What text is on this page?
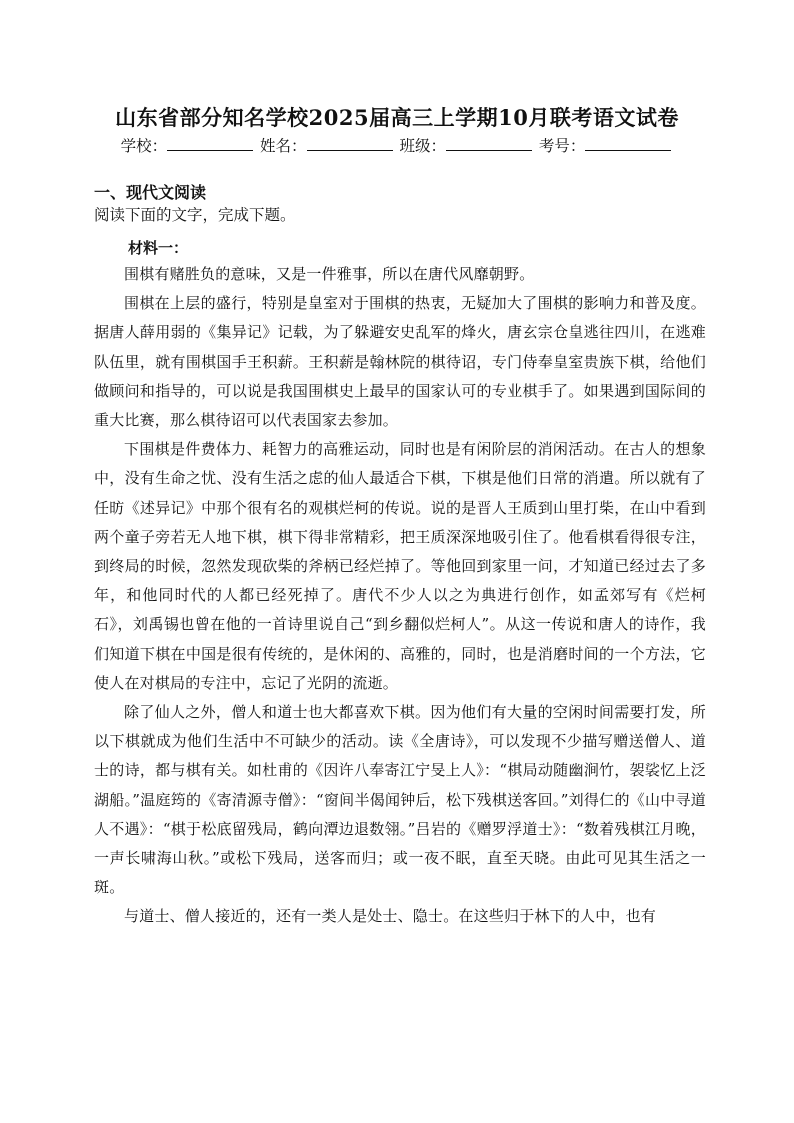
山东省部分知名学校2025届高三上学期10月联考语文试卷
学校：	姓名：	班级：	考号：
一、现代文阅读
阅读下面的文字，完成下题。
材料一：

围棋有赌胜负的意味，又是一件雅事，所以在唐代风靡朝野。

围棋在上层的盛行，特别是皇室对于围棋的热衷，无疑加大了围棋的影响力和普及度。据唐人薛用弱的《集异记》记载，为了躲避安史乱军的烽火，唐玄宗仓皇逃往四川，在逃难队伍里，就有围棋国手王积薪。王积薪是翰林院的棋待诏，专门侍奉皇室贵族下棋，给他们做顾问和指导的，可以说是我国围棋史上最早的国家认可的专业棋手了。如果遇到国际间的重大比赛，那么棋待诏可以代表国家去参加。

下围棋是件费体力、耗智力的高雅运动，同时也是有闲阶层的消闲活动。在古人的想象中，没有生命之忧、没有生活之虑的仙人最适合下棋，下棋是他们日常的消遣。所以就有了任昉《述异记》中那个很有名的观棋烂柯的传说。说的是晋人王质到山里打柴，在山中看到两个童子旁若无人地下棋，棋下得非常精彩，把王质深深地吸引住了。他看棋看得很专注，到终局的时候，忽然发现砍柴的斧柄已经烂掉了。等他回到家里一问，才知道已经过去了多年，和他同时代的人都已经死掉了。唐代不少人以之为典进行创作，如孟郊写有《烂柯石》，刘禹锡也曾在他的一首诗里说自己“到乡翻似烂柯人”。从这一传说和唐人的诗作，我们知道下棋在中国是很有传统的，是休闲的、高雅的，同时，也是消磨时间的一个方法，它使人在对棋局的专注中，忘记了光阴的流逝。

除了仙人之外，僧人和道士也大都喜欢下棋。因为他们有大量的空闲时间需要打发，所以下棋就成为他们生活中不可缺少的活动。读《全唐诗》，可以发现不少描写赠送僧人、道士的诗，都与棋有关。如杜甫的《因许八奉寄江宁旻上人》：“棋局动随幽涧竹，袈裟忆上泛湖船。”温庭筠的《寄清源寺僧》：“窗间半偈闻钟后，松下残棋送客回。”刘得仁的《山中寻道人不遇》：“棋于松底留残局，鹤向潭边退数翎。”吕岩的《赠罗浮道士》：“数着残棋江月晚，一声长啸海山秋。”或松下残局，送客而归；或一夜不眠，直至天晓。由此可见其生活之一斑。

与道士、僧人接近的，还有一类人是处士、隐士。在这些归于林下的人中，也有
